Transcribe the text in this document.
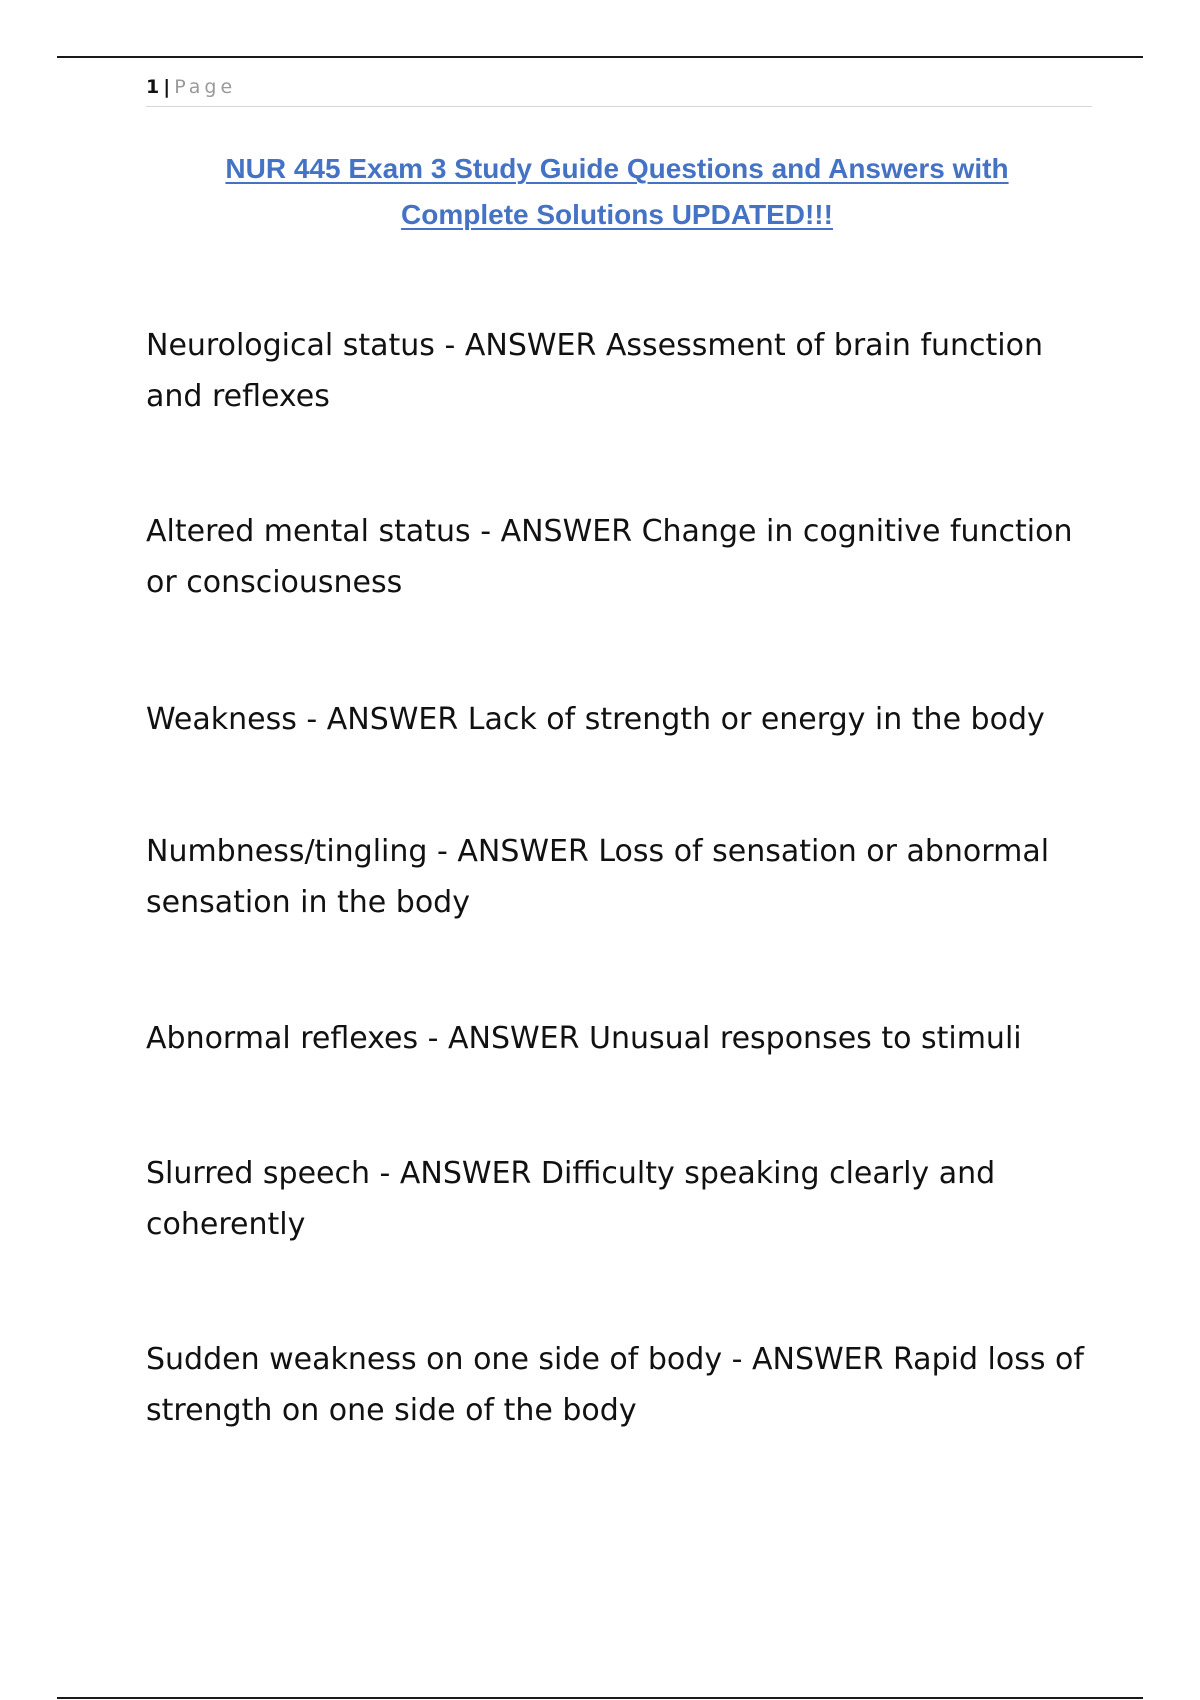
1 | Page
NUR 445 Exam 3 Study Guide Questions and Answers with
Complete Solutions UPDATED!!!

Neurological status - ANSWER Assessment of brain function and reflexes

Altered mental status - ANSWER Change in cognitive function or consciousness

Weakness - ANSWER Lack of strength or energy in the body

Numbness/tingling - ANSWER Loss of sensation or abnormal sensation in the body

Abnormal reflexes - ANSWER Unusual responses to stimuli

Slurred speech - ANSWER Difficulty speaking clearly and coherently

Sudden weakness on one side of body - ANSWER Rapid loss of strength on one side of the body
